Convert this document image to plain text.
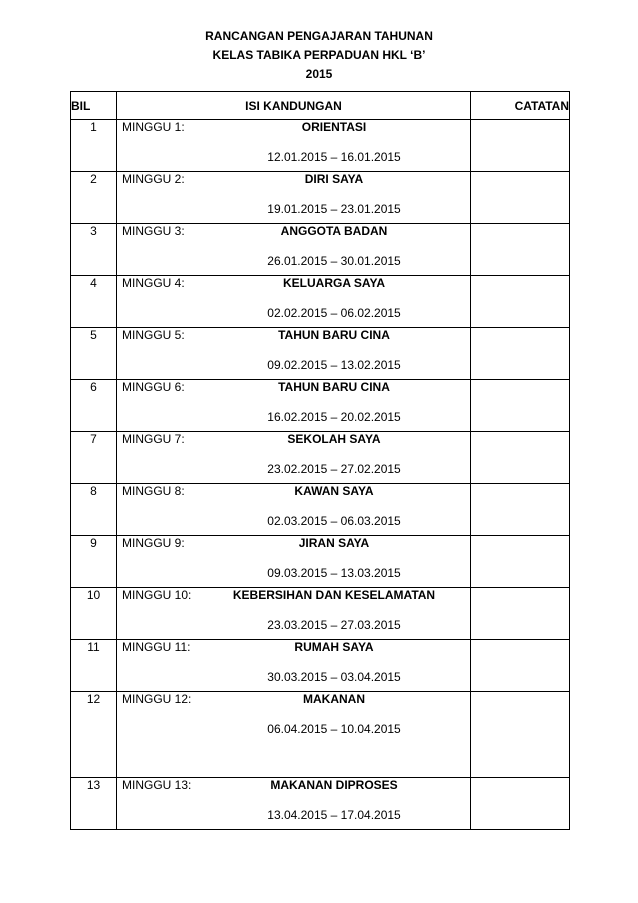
RANCANGAN PENGAJARAN TAHUNAN
KELAS TABIKA PERPADUAN HKL ‘B’
2015
BIL	ISI KANDUNGAN	CATATAN
1	MINGGU 1: ORIENTASI
12.01.2015 – 16.01.2015	

2	MINGGU 2: DIRI SAYA
19.01.2015 – 23.01.2015	

3	MINGGU 3: ANGGOTA BADAN
26.01.2015 – 30.01.2015	

4	MINGGU 4: KELUARGA SAYA
02.02.2015 – 06.02.2015	

5	MINGGU 5: TAHUN BARU CINA
09.02.2015 – 13.02.2015	

6	MINGGU 6: TAHUN BARU CINA
16.02.2015 – 20.02.2015	

7	MINGGU 7: SEKOLAH SAYA
23.02.2015 – 27.02.2015	

8	MINGGU 8: KAWAN SAYA
02.03.2015 – 06.03.2015	

9	MINGGU 9: JIRAN SAYA
09.03.2015 – 13.03.2015	

10	MINGGU 10: KEBERSIHAN DAN KESELAMATAN
23.03.2015 – 27.03.2015	

11	MINGGU 11: RUMAH SAYA
30.03.2015 – 03.04.2015	

12	MINGGU 12: MAKANAN
06.04.2015 – 10.04.2015	

13	MINGGU 13: MAKANAN DIPROSES
13.04.2015 – 17.04.2015	
